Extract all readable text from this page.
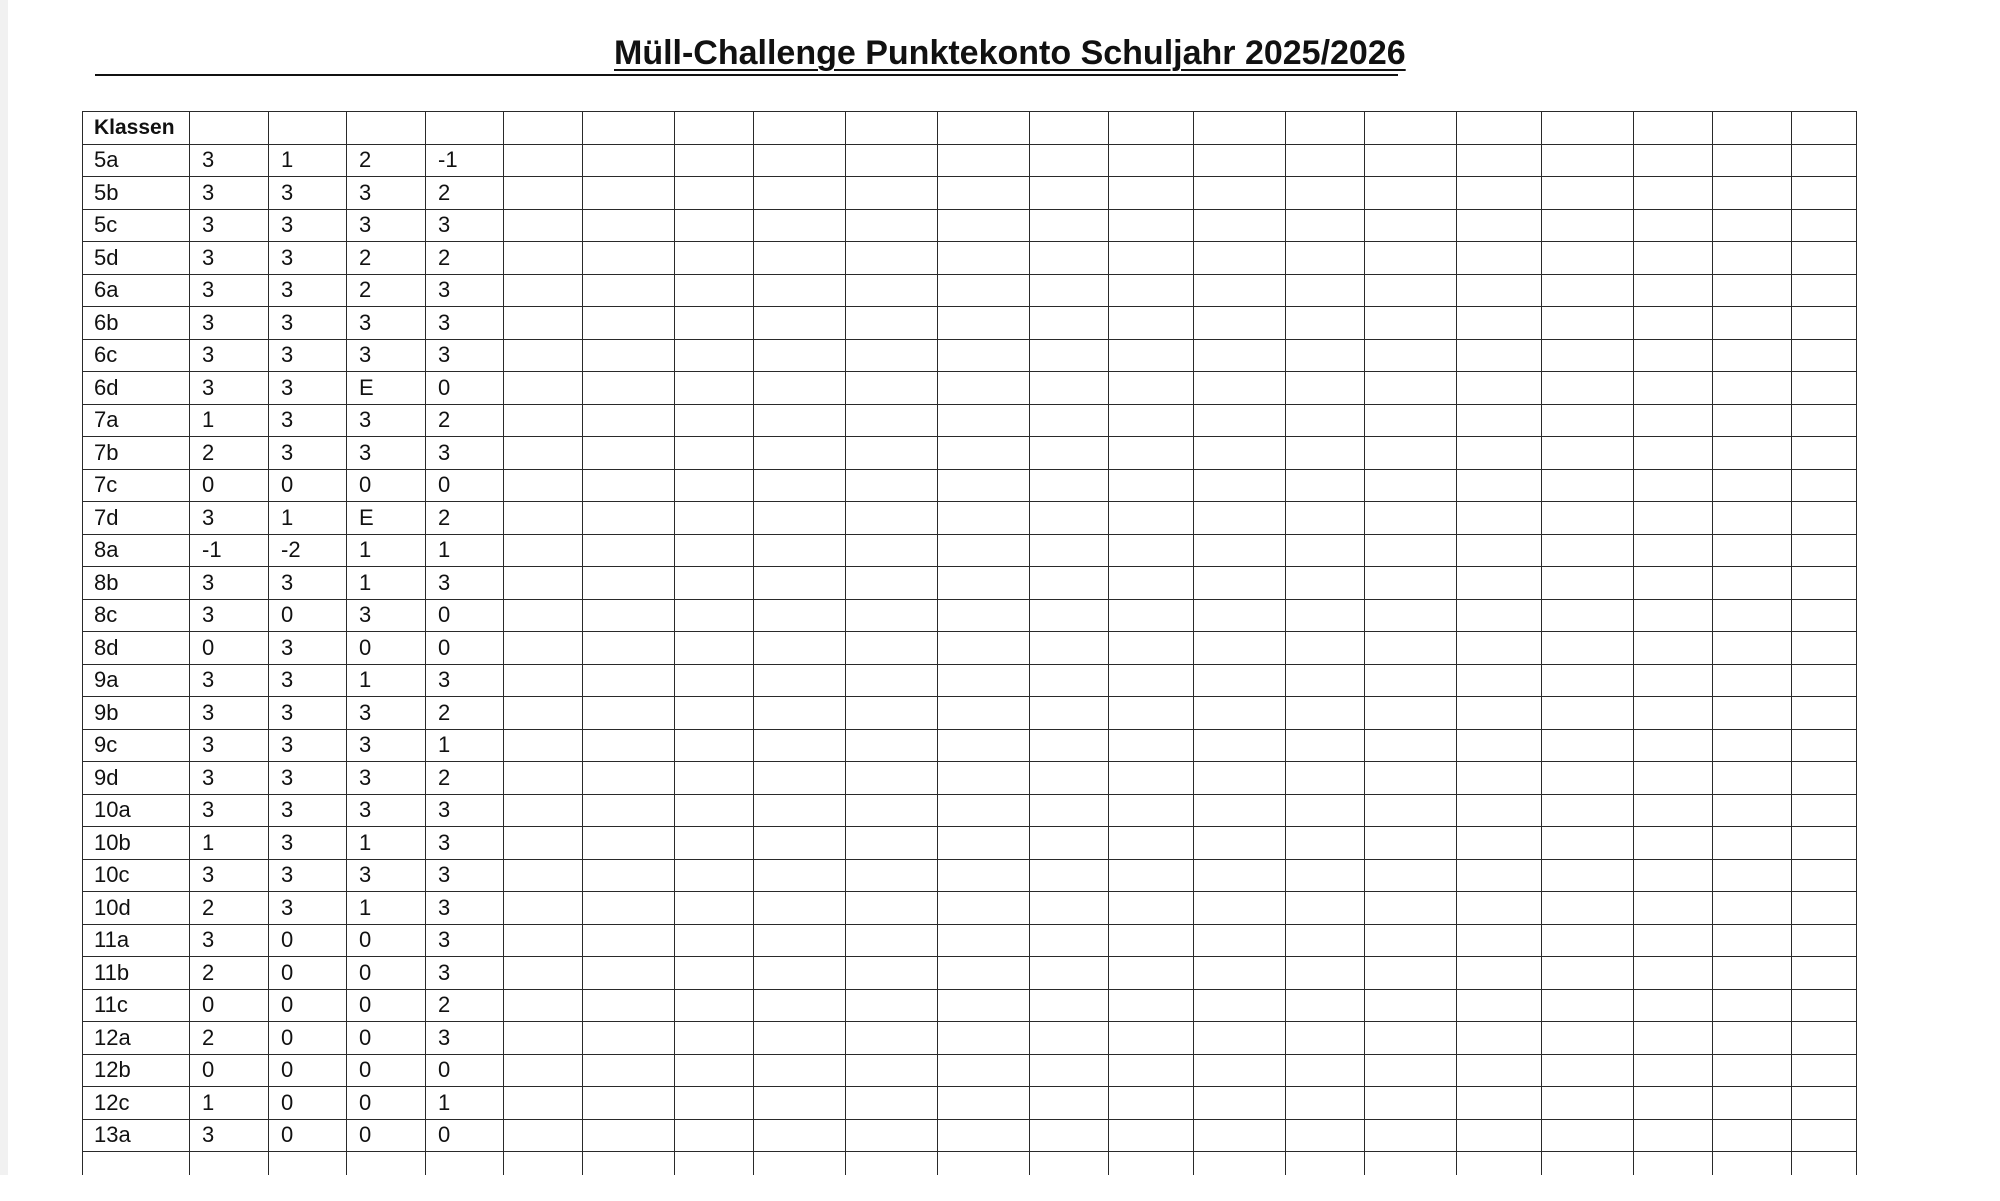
Müll-Challenge Punktekonto Schuljahr 2025/2026
Klassen																				
5a	3	1	2	-1																
5b	3	3	3	2																
5c	3	3	3	3																
5d	3	3	2	2																
6a	3	3	2	3																
6b	3	3	3	3																
6c	3	3	3	3																
6d	3	3	E	0																
7a	1	3	3	2																
7b	2	3	3	3																
7c	0	0	0	0																
7d	3	1	E	2																
8a	-1	-2	1	1																
8b	3	3	1	3																
8c	3	0	3	0																
8d	0	3	0	0																
9a	3	3	1	3																
9b	3	3	3	2																
9c	3	3	3	1																
9d	3	3	3	2																
10a	3	3	3	3																
10b	1	3	1	3																
10c	3	3	3	3																
10d	2	3	1	3																
11a	3	0	0	3																
11b	2	0	0	3																
11c	0	0	0	2																
12a	2	0	0	3																
12b	0	0	0	0																
12c	1	0	0	1																
13a	3	0	0	0																
